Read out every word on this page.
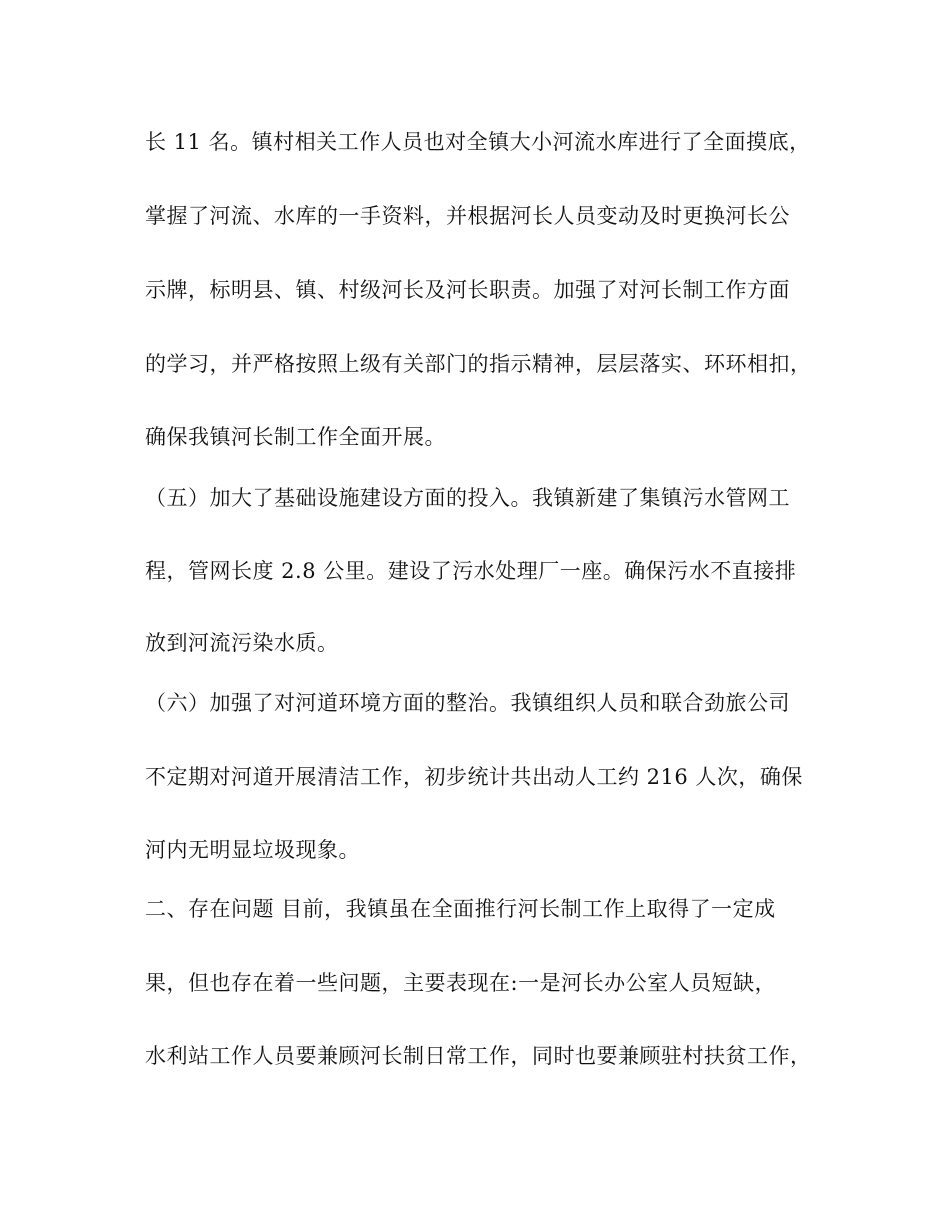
长 11 名。镇村相关工作人员也对全镇大小河流水库进行了全面摸底，
掌握了河流、水库的一手资料，并根据河长人员变动及时更换河长公
示牌，标明县、镇、村级河长及河长职责。加强了对河长制工作方面
的学习，并严格按照上级有关部门的指示精神，层层落实、环环相扣，
确保我镇河长制工作全面开展。
（五）加大了基础设施建设方面的投入。我镇新建了集镇污水管网工
程，管网长度 2.8 公里。建设了污水处理厂一座。确保污水不直接排
放到河流污染水质。
（六）加强了对河道环境方面的整治。我镇组织人员和联合劲旅公司
不定期对河道开展清洁工作，初步统计共出动人工约 216 人次，确保
河内无明显垃圾现象。
二、存在问题 目前，我镇虽在全面推行河长制工作上取得了一定成
果，但也存在着一些问题，主要表现在:一是河长办公室人员短缺，
水利站工作人员要兼顾河长制日常工作，同时也要兼顾驻村扶贫工作，
